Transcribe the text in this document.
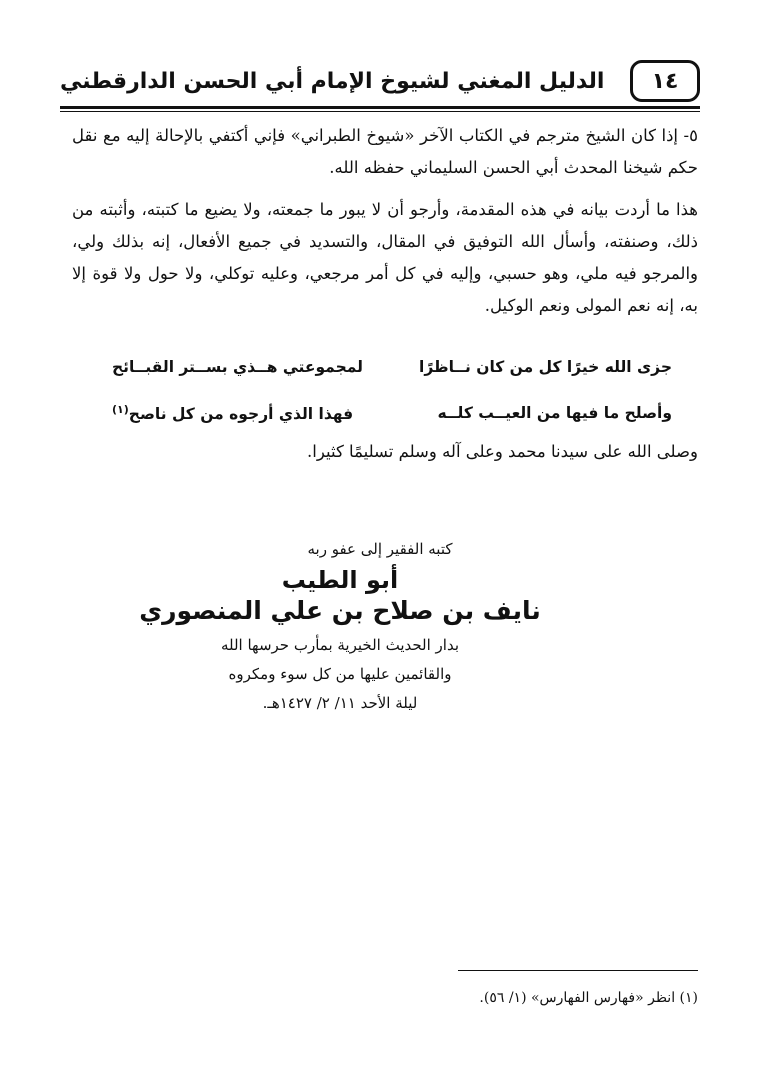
١٤
الدليل المغني لشيوخ الإمام أبي الحسن الدارقطني

٥- إذا كان الشيخ مترجم في الكتاب الآخر «شيوخ الطبراني» فإني أكتفي بالإحالة إليه مع نقل حكم شيخنا المحدث أبي الحسن السليماني حفظه الله.

هذا ما أردت بيانه في هذه المقدمة، وأرجو أن لا يبور ما جمعته، ولا يضيع ما كتبته، وأثبته من ذلك، وصنفته، وأسأل الله التوفيق في المقال، والتسديد في جميع الأفعال، إنه بذلك ولي، والمرجو فيه ملي، وهو حسبي، وإليه في كل أمر مرجعي، وعليه توكلي، ولا حول ولا قوة إلا به، إنه نعم المولى ونعم الوكيل.

جزى الله خيرًا كل من كان نــاظرًا
لمجموعتي هــذي بســتر القبــائح
وأصلح ما فيها من العيــب كلــه
فهذا الذي أرجوه من كل ناصح$^{(١)}$
وصلى الله على سيدنا محمد وعلى آله وسلم تسليمًا كثيرا.
كتبه الفقير إلى عفو ربه
أبو الطيب
نايف بن صلاح بن علي المنصوري
بدار الحديث الخيرية بمأرب حرسها الله
والقائمين عليها من كل سوء ومكروه
ليلة الأحد ١١/ ٢/ ١٤٢٧هـ.
(١) انظر «فهارس الفهارس» (١/ ٥٦).
